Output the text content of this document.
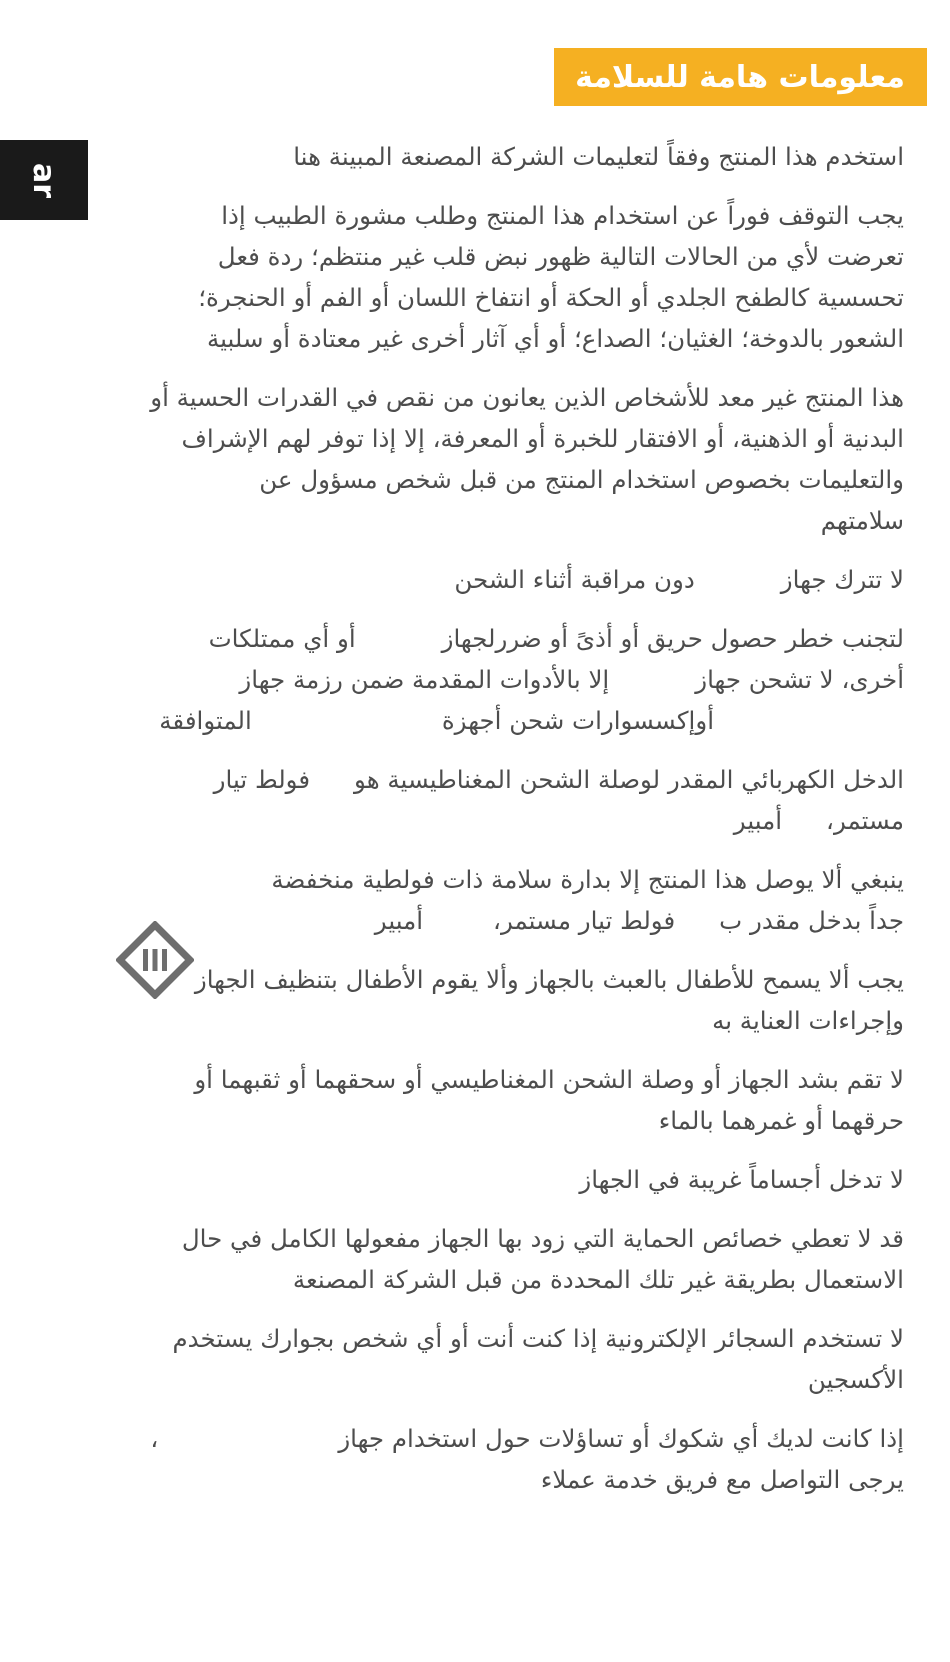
معلومات هامة للسلامة
ar

استخدم هذا المنتج وفقاً لتعليمات الشركة المصنعة المبينة هنا

يجب التوقف فوراً عن استخدام هذا المنتج وطلب مشورة الطبيب إذا
تعرضت لأي من الحالات التالية ظهور نبض قلب غير منتظم؛ ردة فعل
تحسسية كالطفح الجلدي أو الحكة أو انتفاخ اللسان أو الفم أو الحنجرة؛
الشعور بالدوخة؛ الغثيان؛ الصداع؛ أو أي آثار أخرى غير معتادة أو سلبية

هذا المنتج غير معد للأشخاص الذين يعانون من نقص في القدرات الحسية أو
البدنية أو الذهنية، أو الافتقار للخبرة أو المعرفة، إلا إذا توفر لهم الإشراف
والتعليمات بخصوص استخدام المنتج من قبل شخص مسؤول عن
سلامتهم

لا تترك جهازدون مراقبة أثناء الشحن

لتجنب خطر حصول حريق أو أذىً أو ضررلجهازأو أي ممتلكات
أخرى، لا تشحن جهازإلا بالأدوات المقدمة ضمن رزمة جهاز
أوإكسسوارات شحن أجهزةالمتوافقة

الدخل الكهربائي المقدر لوصلة الشحن المغناطيسية هوفولط تيار
مستمر،أمبير

ينبغي ألا يوصل هذا المنتج إلا بدارة سلامة ذات فولطية منخفضة
جداً بدخل مقدر بفولط تيار مستمر،أمبير

يجب ألا يسمح للأطفال بالعبث بالجهاز وألا يقوم الأطفال بتنظيف الجهاز
وإجراءات العناية به

لا تقم بشد الجهاز أو وصلة الشحن المغناطيسي أو سحقهما أو ثقبهما أو
حرقهما أو غمرهما بالماء

لا تدخل أجساماً غريبة في الجهاز

قد لا تعطي خصائص الحماية التي زود بها الجهاز مفعولها الكامل في حال
الاستعمال بطريقة غير تلك المحددة من قبل الشركة المصنعة

لا تستخدم السجائر الإلكترونية إذا كنت أنت أو أي شخص بجوارك يستخدم
الأكسجين

إذا كانت لديك أي شكوك أو تساؤلات حول استخدام جهاز،
يرجى التواصل مع فريق خدمة عملاء
